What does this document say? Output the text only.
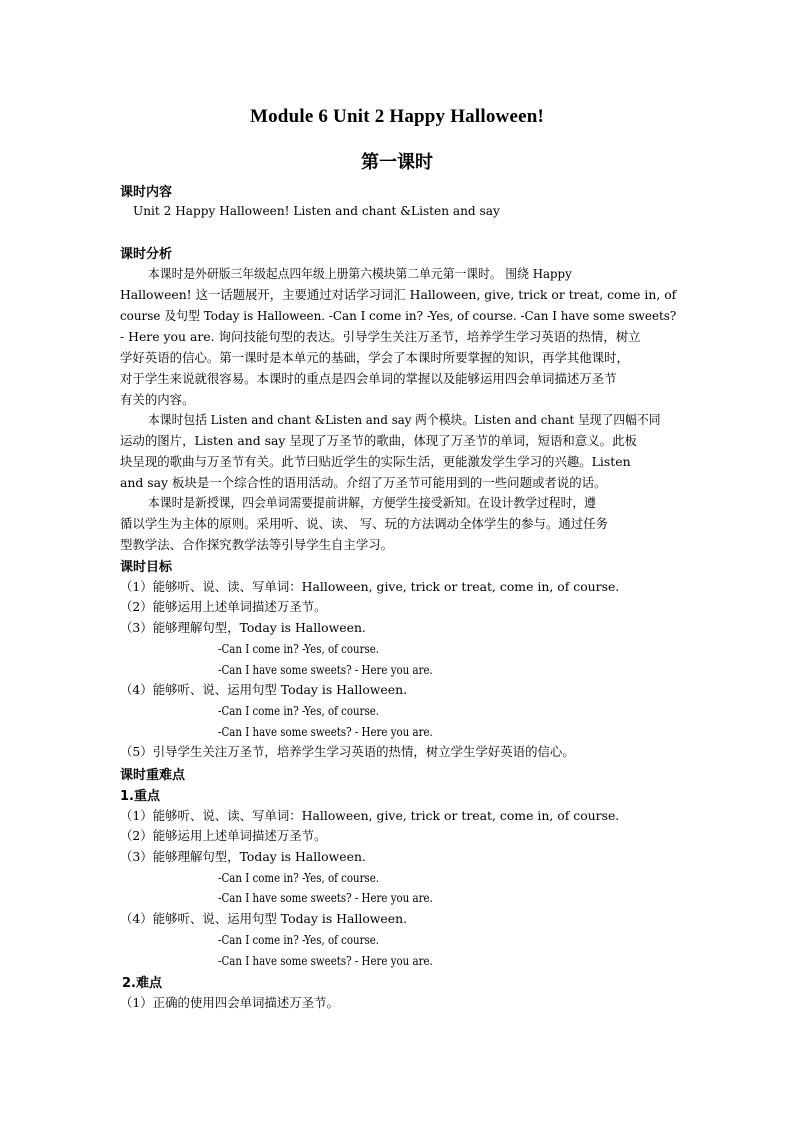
Module 6 Unit 2 Happy Halloween!
第一课时
课时内容
Unit 2 Happy Halloween! Listen and chant &Listen and say
课时分析
本课时是外研版三年级起点四年级上册第六模块第二单元第一课时。 围绕 Happy
Halloween! 这一话题展开，主要通过对话学习词汇 Halloween, give, trick or treat, come in, of
course 及句型 Today is Halloween. -Can I come in? -Yes, of course. -Can I have some sweets?
- Here you are. 询问技能句型的表达。引导学生关注万圣节，培养学生学习英语的热情，树立
学好英语的信心。第一课时是本单元的基础，学会了本课时所要掌握的知识，再学其他课时，
对于学生来说就很容易。本课时的重点是四会单词的掌握以及能够运用四会单词描述万圣节
有关的内容。
本课时包括 Listen and chant &Listen and say 两个模块。Listen and chant 呈现了四幅不同
运动的图片，Listen and say 呈现了万圣节的歌曲，体现了万圣节的单词，短语和意义。此板
块呈现的歌曲与万圣节有关。此节曰贴近学生的实际生活，更能激发学生学习的兴趣。Listen
and say 板块是一个综合性的语用活动。介绍了万圣节可能用到的一些问题或者说的话。
本课时是新授课，四会单词需要提前讲解，方便学生接受新知。在设计教学过程时，遵
循以学生为主体的原则。采用听、说、读、 写、玩的方法调动全体学生的参与。通过任务
型教学法、合作探究教学法等引导学生自主学习。
课时目标
（1）能够听、说、读、写单词：Halloween, give, trick or treat, come in, of course.
（2）能够运用上述单词描述万圣节。
（3）能够理解句型，Today is Halloween.
-Can I come in? -Yes, of course.
-Can I have some sweets? - Here you are.
（4）能够听、说、运用句型 Today is Halloween.
-Can I come in? -Yes, of course.
-Can I have some sweets? - Here you are.
（5）引导学生关注万圣节，培养学生学习英语的热情，树立学生学好英语的信心。
课时重难点
1.重点
（1）能够听、说、读、写单词：Halloween, give, trick or treat, come in, of course.
（2）能够运用上述单词描述万圣节。
（3）能够理解句型，Today is Halloween.
-Can I come in? -Yes, of course.
-Can I have some sweets? - Here you are.
（4）能够听、说、运用句型 Today is Halloween.
-Can I come in? -Yes, of course.
-Can I have some sweets? - Here you are.
2.难点
（1）正确的使用四会单词描述万圣节。
